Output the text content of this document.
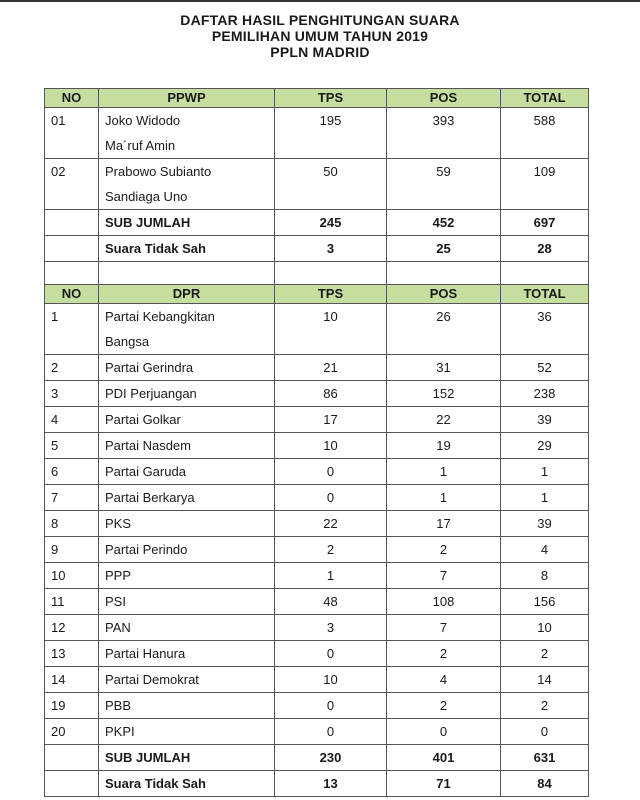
DAFTAR HASIL PENGHITUNGAN SUARA
PEMILIHAN UMUM TAHUN 2019
PPLN MADRID
NO	PPWP	TPS	POS	TOTAL
01	Joko Widodo
Ma´ruf Amin	195	393	588
02	Prabowo Subianto
Sandiaga Uno	50	59	109
	SUB JUMLAH	245	452	697
	Suara Tidak Sah	3	25	28

NO	DPR	TPS	POS	TOTAL
1	Partai Kebangkitan
Bangsa	10	26	36
2	Partai Gerindra	21	31	52
3	PDI Perjuangan	86	152	238
4	Partai Golkar	17	22	39
5	Partai Nasdem	10	19	29
6	Partai Garuda	0	1	1
7	Partai Berkarya	0	1	1
8	PKS	22	17	39
9	Partai Perindo	2	2	4
10	PPP	1	7	8
11	PSI	48	108	156
12	PAN	3	7	10
13	Partai Hanura	0	2	2
14	Partai Demokrat	10	4	14
19	PBB	0	2	2
20	PKPI	0	0	0
	SUB JUMLAH	230	401	631
	Suara Tidak Sah	13	71	84
